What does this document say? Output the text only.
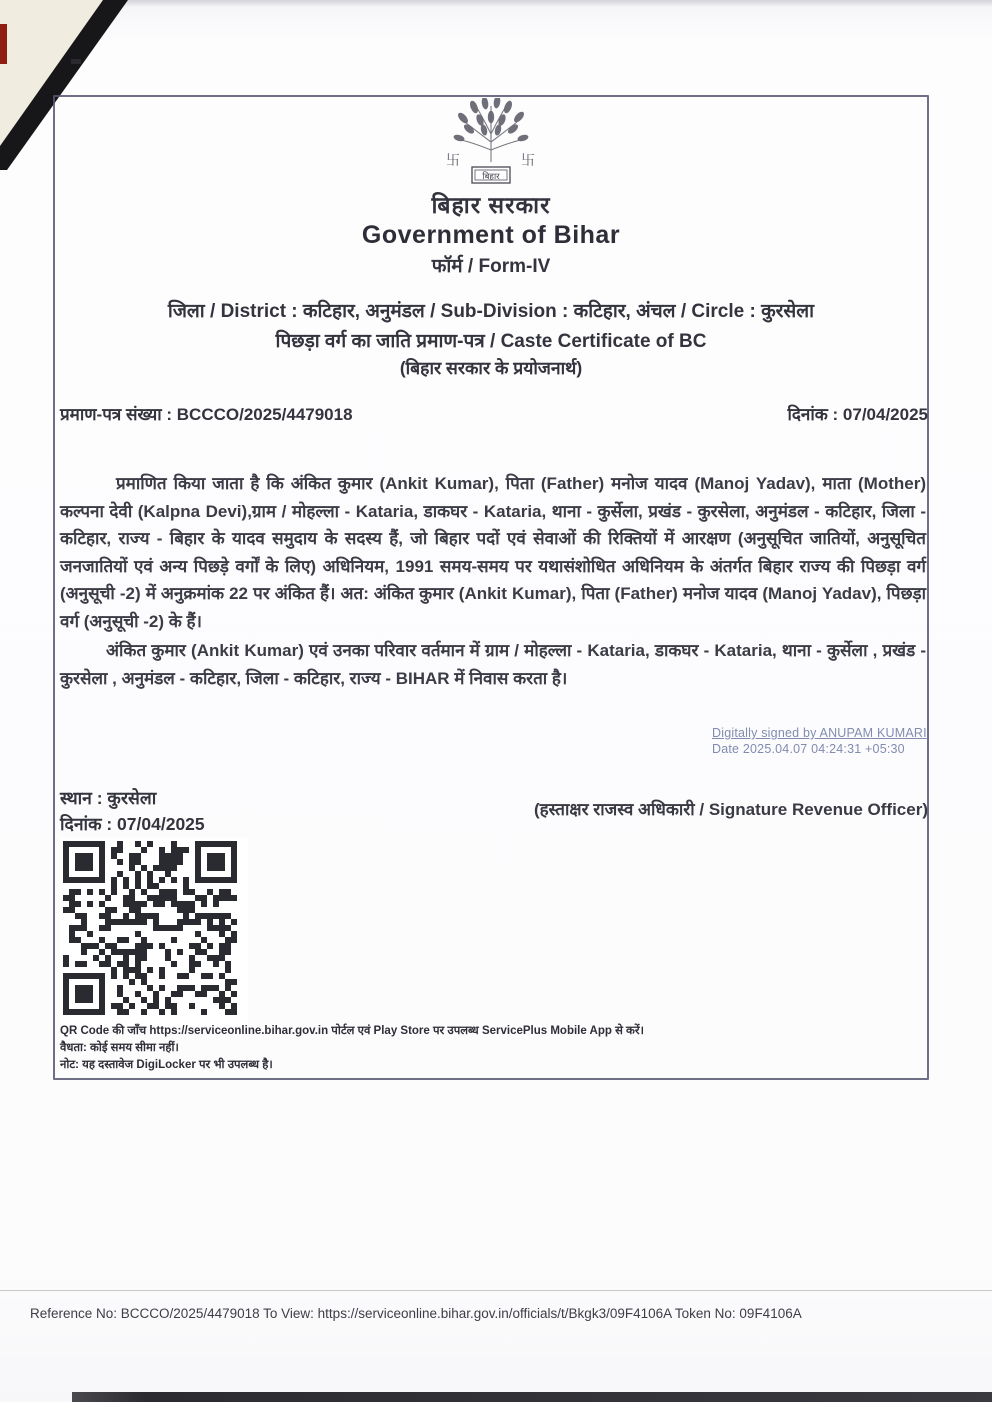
卐	卐
बिहार
बिहार सरकार
Government of Bihar
फॉर्म / Form-IV
जिला / District : कटिहार, अनुमंडल / Sub-Division : कटिहार, अंचल / Circle : कुरसेला
पिछड़ा वर्ग का जाति प्रमाण-पत्र / Caste Certificate of BC
(बिहार सरकार के प्रयोजनार्थ)
प्रमाण-पत्र संख्या : BCCCO/2025/4479018	दिनांक : 07/04/2025
प्रमाणित किया जाता है कि अंकित कुमार (Ankit Kumar), पिता (Father) मनोज यादव (Manoj Yadav), माता (Mother) कल्पना देवी (Kalpna Devi),ग्राम / मोहल्ला - Kataria, डाकघर - Kataria, थाना - कुर्सेला, प्रखंड - कुरसेला, अनुमंडल - कटिहार, जिला - कटिहार, राज्य - बिहार के यादव समुदाय के सदस्य हैं, जो बिहार पदों एवं सेवाओं की रिक्तियों में आरक्षण (अनुसूचित जातियों, अनुसूचित जनजातियों एवं अन्य पिछड़े वर्गों के लिए) अधिनियम, 1991 समय-समय पर यथासंशोधित अधिनियम के अंतर्गत बिहार राज्य की पिछड़ा वर्ग (अनुसूची -2) में अनुक्रमांक 22 पर अंकित हैं। अत: अंकित कुमार (Ankit Kumar), पिता (Father) मनोज यादव (Manoj Yadav), पिछड़ा वर्ग (अनुसूची -2) के हैं।
अंकित कुमार (Ankit Kumar) एवं उनका परिवार वर्तमान में ग्राम / मोहल्ला - Kataria, डाकघर - Kataria, थाना - कुर्सेला , प्रखंड - कुरसेला , अनुमंडल - कटिहार, जिला - कटिहार, राज्य - BIHAR में निवास करता है।
Digitally signed by ANUPAM KUMARI
Date 2025.04.07 04:24:31 +05:30
स्थान : कुरसेला
दिनांक : 07/04/2025
(हस्ताक्षर राजस्व अधिकारी / Signature Revenue Officer)
QR Code की जाँच https://serviceonline.bihar.gov.in पोर्टल एवं Play Store पर उपलब्ध ServicePlus Mobile App से करें।
वैधता: कोई समय सीमा नहीं।
नोट: यह दस्तावेज DigiLocker पर भी उपलब्ध है।
Reference No: BCCCO/2025/4479018 To View: https://serviceonline.bihar.gov.in/officials/t/Bkgk3/09F4106A Token No: 09F4106A
